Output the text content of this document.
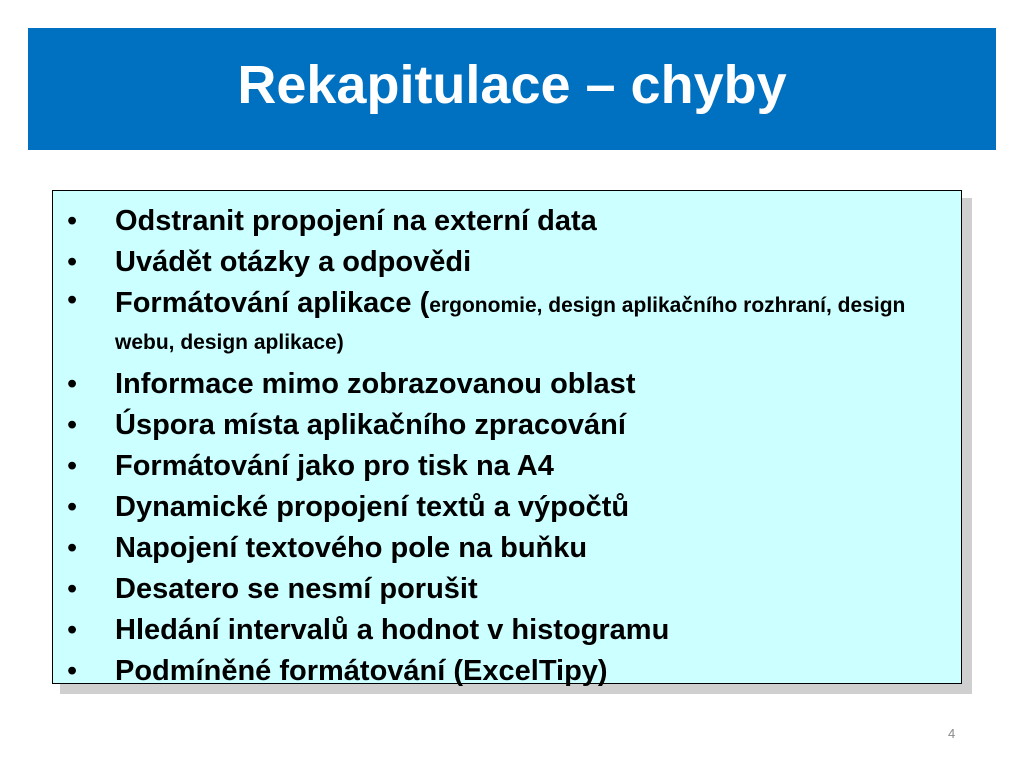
Rekapitulace – chyby
• Odstranit propojení na externí data
• Uvádět otázky a odpovědi
• Formátování aplikace (ergonomie, design aplikačního rozhraní, design webu, design aplikace)
• Informace mimo zobrazovanou oblast
• Úspora místa aplikačního zpracování
• Formátování jako pro tisk na A4
• Dynamické propojení textů a výpočtů
• Napojení textového pole na buňku
• Desatero se nesmí porušit
• Hledání intervalů a hodnot v histogramu
• Podmíněné formátování (ExcelTipy)
4
